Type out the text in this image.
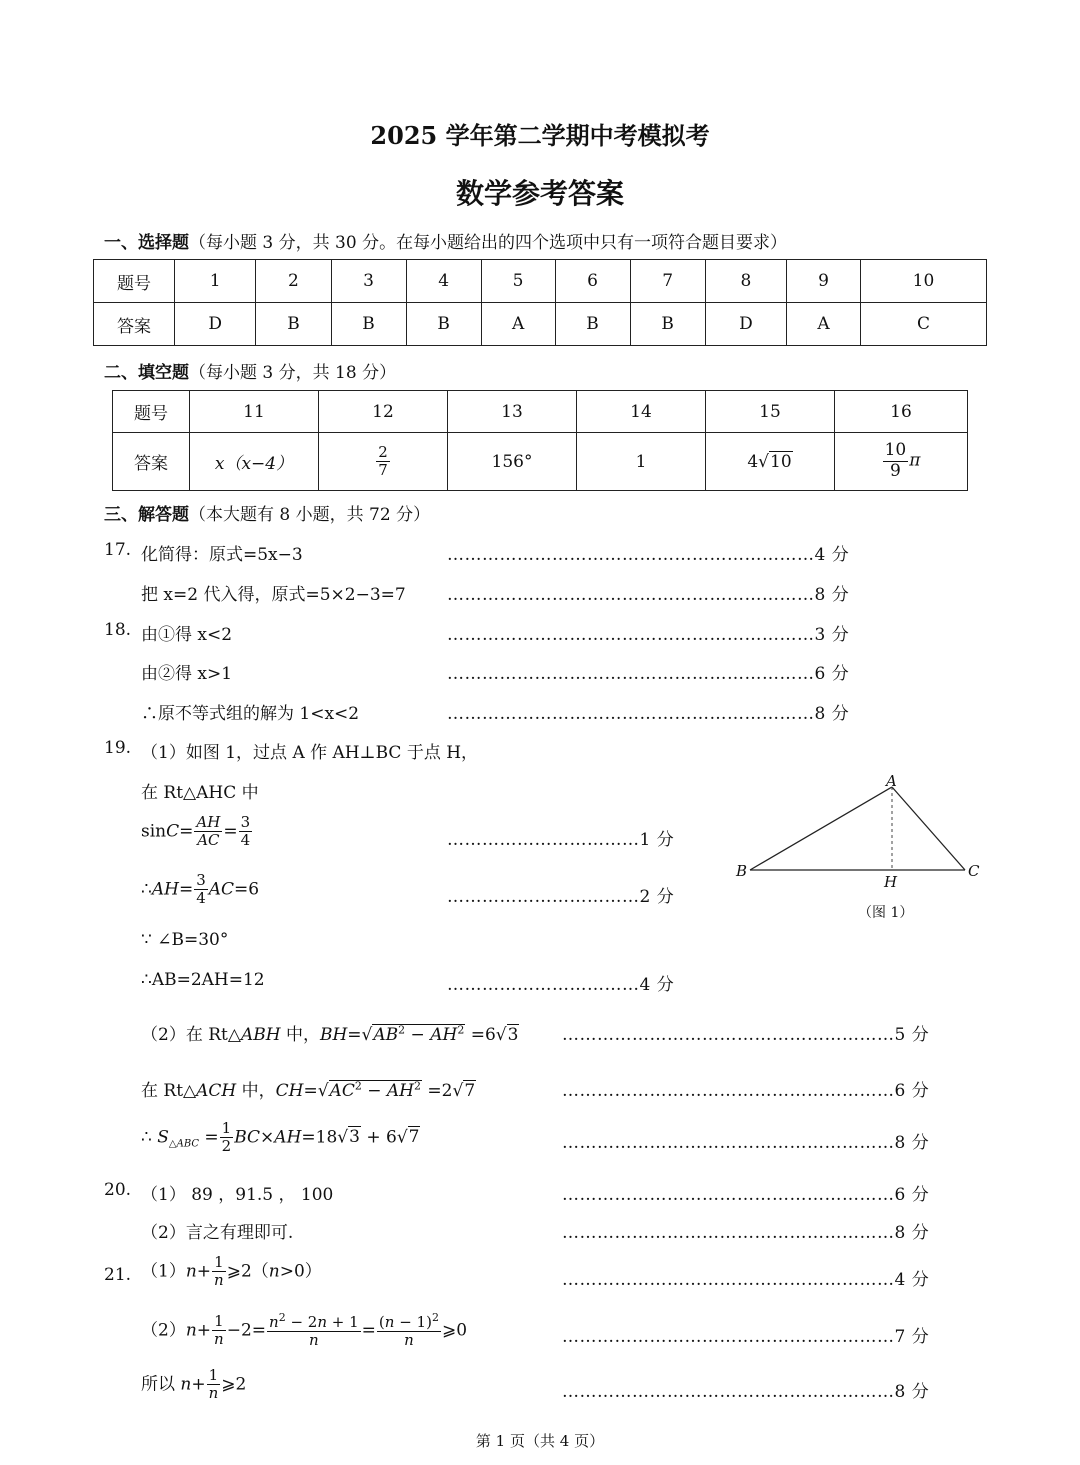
2025 学年第二学期中考模拟考
数学参考答案
一、选择题（每小题 3 分，共 30 分。在每小题给出的四个选项中只有一项符合题目要求）
题号	1	2	3	4	5	6	7	8	9	10
答案	D	B	B	B	A	B	B	D	A	C
二、填空题（每小题 3 分，共 18 分）
题号	11	12	13	14	15	16
答案	x（x−4）	$\frac{2}{7}$	156°	1	4√10	$\frac{10}{9}$ π
三、解答题（本大题有 8 小题，共 72 分）
17. 化简得：原式=5x−3	………………………………………………………4 分
把 x=2 代入得，原式=5×2−3=7 ………………………………………………………8 分
18. 由①得 x<2	………………………………………………………3 分
由②得 x>1	………………………………………………………6 分
∴原不等式组的解为 1<x<2	………………………………………………………8 分
19. （1）如图 1，过点 A 作 AH⊥BC 于点 H，
在 Rt△AHC 中
$\sin C= \frac{AH}{AC} = \frac{3}{4}$	……………………………1 分
∴AH= $\frac{3}{4} AC=6$	……………………………2 分
∵ ∠B=30°
∴AB=2AH=12	……………………………4 分
（2）在 Rt△ABH 中，$BH=√AB^2 - AH^2 =6√3$	…………………………………………………5 分
在 Rt△ACH 中，$CH=√AC^2 - AH^2 =2√7$	…………………………………………………6 分
∴ $S_{\triangle ABC} = \frac{1}{2} BC\times AH=18√3 + 6√7$	…………………………………………………8 分
A
B	C
H
（图 1）
20. （1） 89 ，91.5 ， 100	…………………………………………………6 分
（2）言之有理即可.	…………………………………………………8 分
21. $(1)n+ \frac{1}{n}$ ⩾2（n>0）	…………………………………………………4 分
$(2)n+ \frac{1}{n} -2= \frac{n^2 - 2n + 1}{n} = \frac{(n - 1)^2}{n}$ ⩾0	…………………………………………………7 分
所以 $n+ \frac{1}{n}$ ⩾2	…………………………………………………8 分
第 1 页（共 4 页）
